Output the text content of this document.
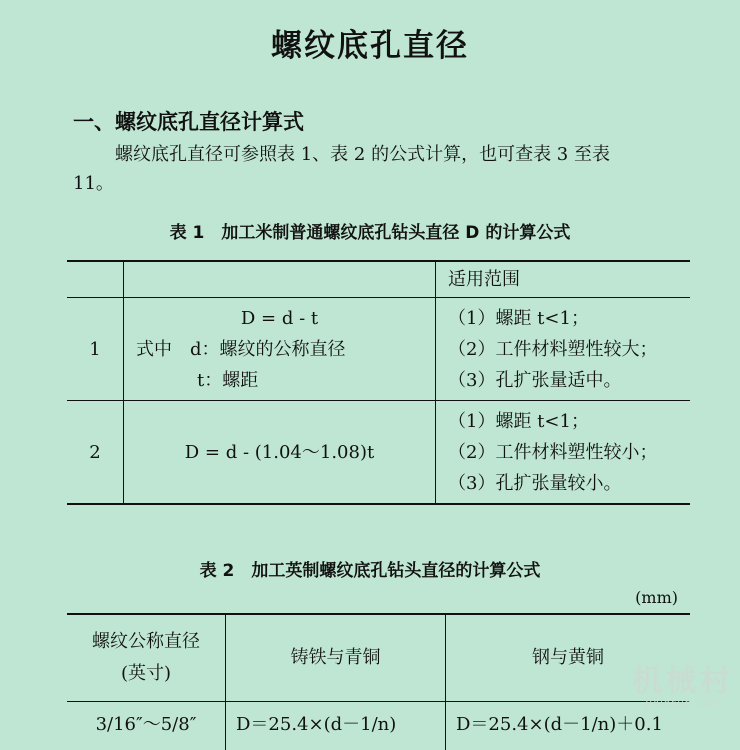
螺纹底孔直径
一、螺纹底孔直径计算式
螺纹底孔直径可参照表 1、表 2 的公式计算，也可查表 3 至表
11。
表 1　加工米制普通螺纹底孔钻头直径 D 的计算公式
		适用范围
1	D = d - t
式中　d：螺纹的公称直径
t：螺距	（1）螺距 t<1；
（2）工件材料塑性较大；
（3）孔扩张量适中。

2	D = d - (1.04～1.08)t	（1）螺距 t<1；
（2）工件材料塑性较小；
（3）孔扩张量较小。
表 2　加工英制螺纹底孔钻头直径的计算公式
(mm)
螺纹公称直径
(英寸)	铸铁与青铜	钢与黄铜
3/16″～5/8″	D＝25.4×(d－1/n)	D＝25.4×(d－1/n)＋0.1
机械村
Jixiecun.com
